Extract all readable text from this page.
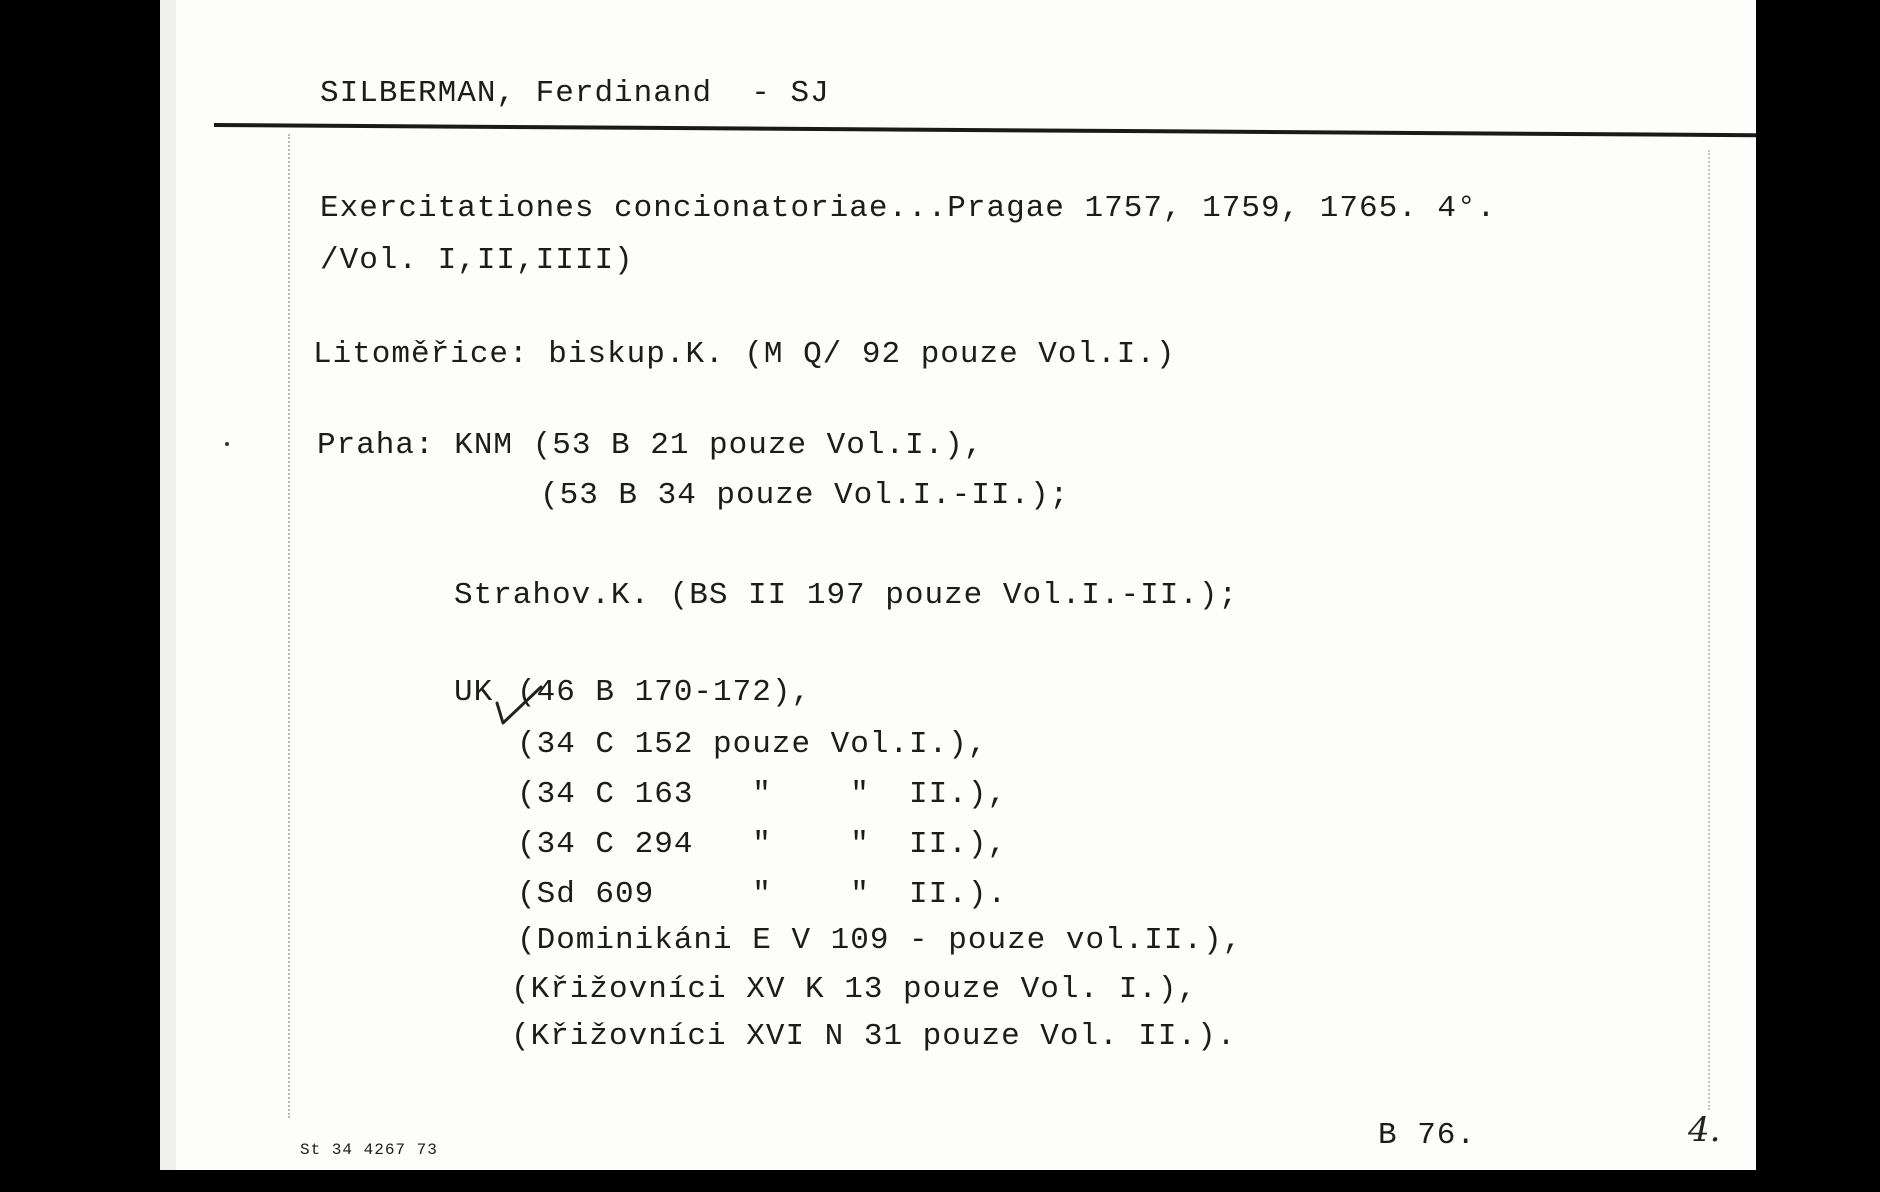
SILBERMAN, Ferdinand  - SJ
Exercitationes concionatoriae...Pragae 1757, 1759, 1765. 4°.
/Vol. I,II,IIII)
Litoměřice: biskup.K. (M Q/ 92 pouze Vol.I.)
Praha: KNM (53 B 21 pouze Vol.I.),
(53 B 34 pouze Vol.I.-II.);
Strahov.K. (BS II 197 pouze Vol.I.-II.);
UK (46 B 170-172),
(34 C 152 pouze Vol.I.),
(34 C 163   "    "  II.),
(34 C 294   "    "  II.),
(Sd 609     "    "  II.).
(Dominikáni E V 109 - pouze vol.II.),
(Křižovníci XV K 13 pouze Vol. I.),
(Křižovníci XVI N 31 pouze Vol. II.).
B 76.
St 34 4267 73	4.
